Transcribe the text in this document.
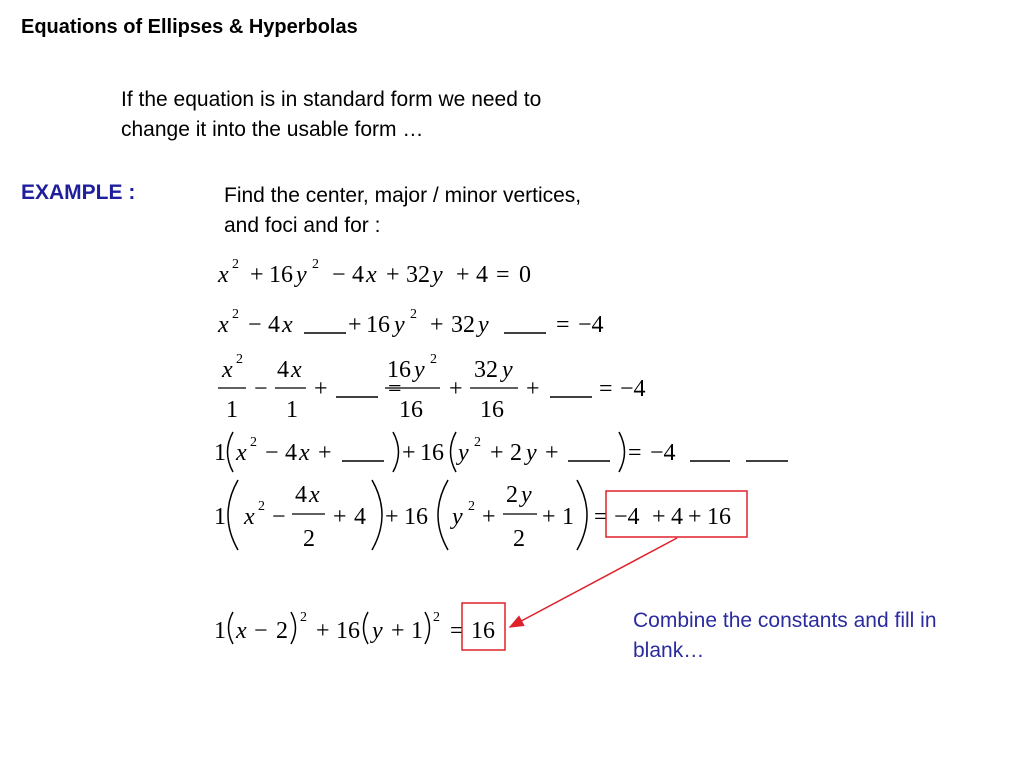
Equations of Ellipses & Hyperbolas
If the equation is in standard form we need to
change it into the usable form …
EXAMPLE :	Find the center, major / minor vertices,
and foci and for :
Combine the constants and fill in
blank…
x 2 + 16 y 2 − 4 x + 32 y + 4 = 0
x 2 − 4 x + 16 y 2 + 32 y	= −4
x 2
1
−
4 x
1
+	=
16 y 2
16
+
32 y
16
+ = −4
1 x 2 − 4 x +	+ 16 y 2 + 2 y +	= −4
1 x 2 −
4 x
2
+ 4 + 16 y 2 +
2 y
2
+ 1 = −4 + 4 + 16
1 x − 2
2
+ 16 y + 1
2
= 16
